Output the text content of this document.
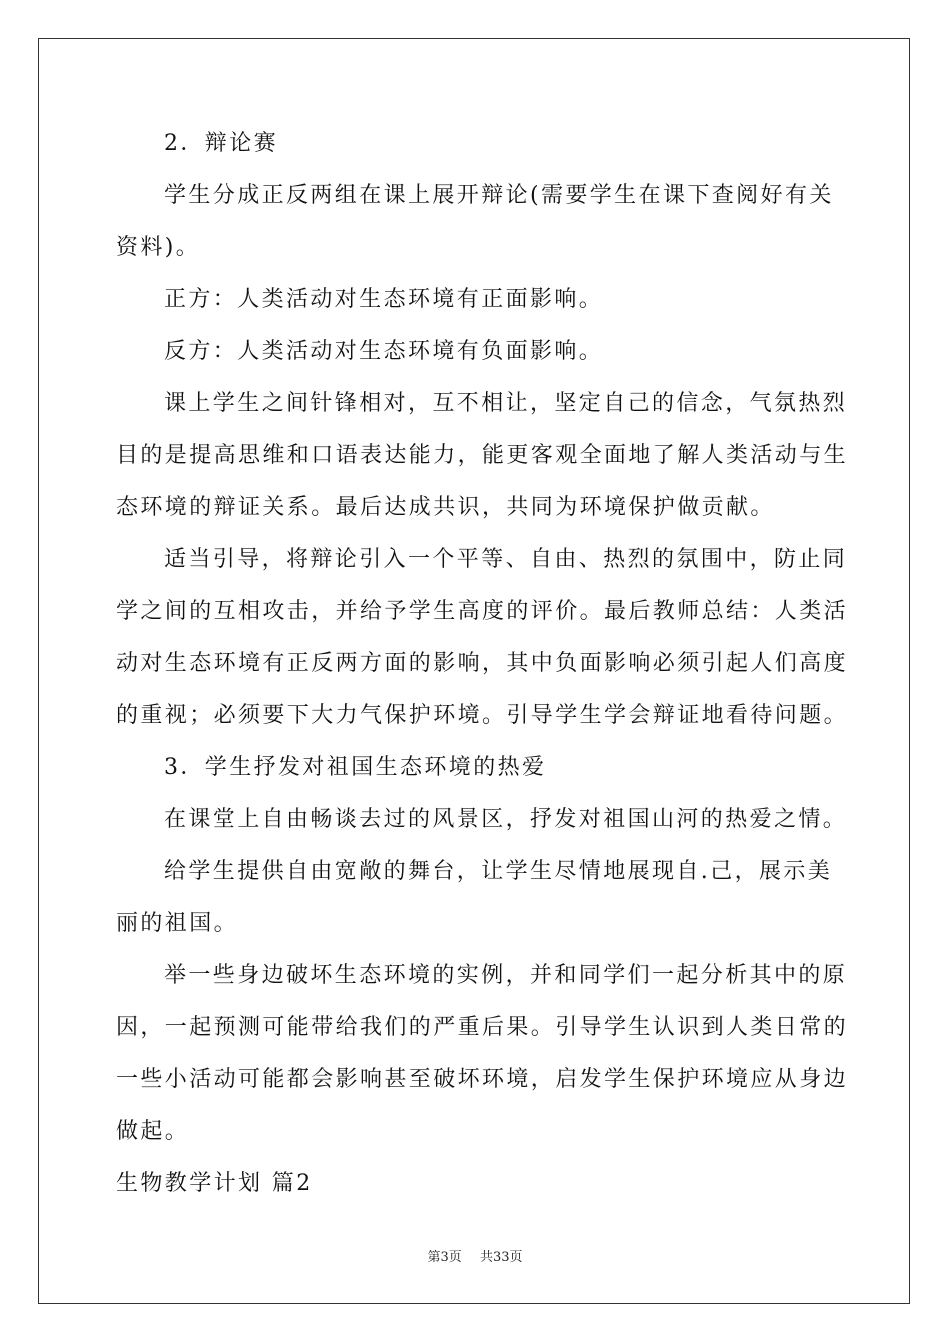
2．辩论赛

学生分成正反两组在课上展开辩论(需要学生在课下查阅好有关
资料)。

正方：人类活动对生态环境有正面影响。

反方：人类活动对生态环境有负面影响。

课上学生之间针锋相对，互不相让，坚定自己的信念，气氛热烈
目的是提高思维和口语表达能力，能更客观全面地了解人类活动与生
态环境的辩证关系。最后达成共识，共同为环境保护做贡献。

适当引导，将辩论引入一个平等、自由、热烈的氛围中，防止同
学之间的互相攻击，并给予学生高度的评价。最后教师总结：人类活
动对生态环境有正反两方面的影响，其中负面影响必须引起人们高度
的重视；必须要下大力气保护环境。引导学生学会辩证地看待问题。

3．学生抒发对祖国生态环境的热爱

在课堂上自由畅谈去过的风景区，抒发对祖国山河的热爱之情。

给学生提供自由宽敞的舞台，让学生尽情地展现自.己，展示美
丽的祖国。

举一些身边破坏生态环境的实例，并和同学们一起分析其中的原
因，一起预测可能带给我们的严重后果。引导学生认识到人类日常的
一些小活动可能都会影响甚至破坏环境，启发学生保护环境应从身边
做起。

生物教学计划 篇2

第3页 共33页
